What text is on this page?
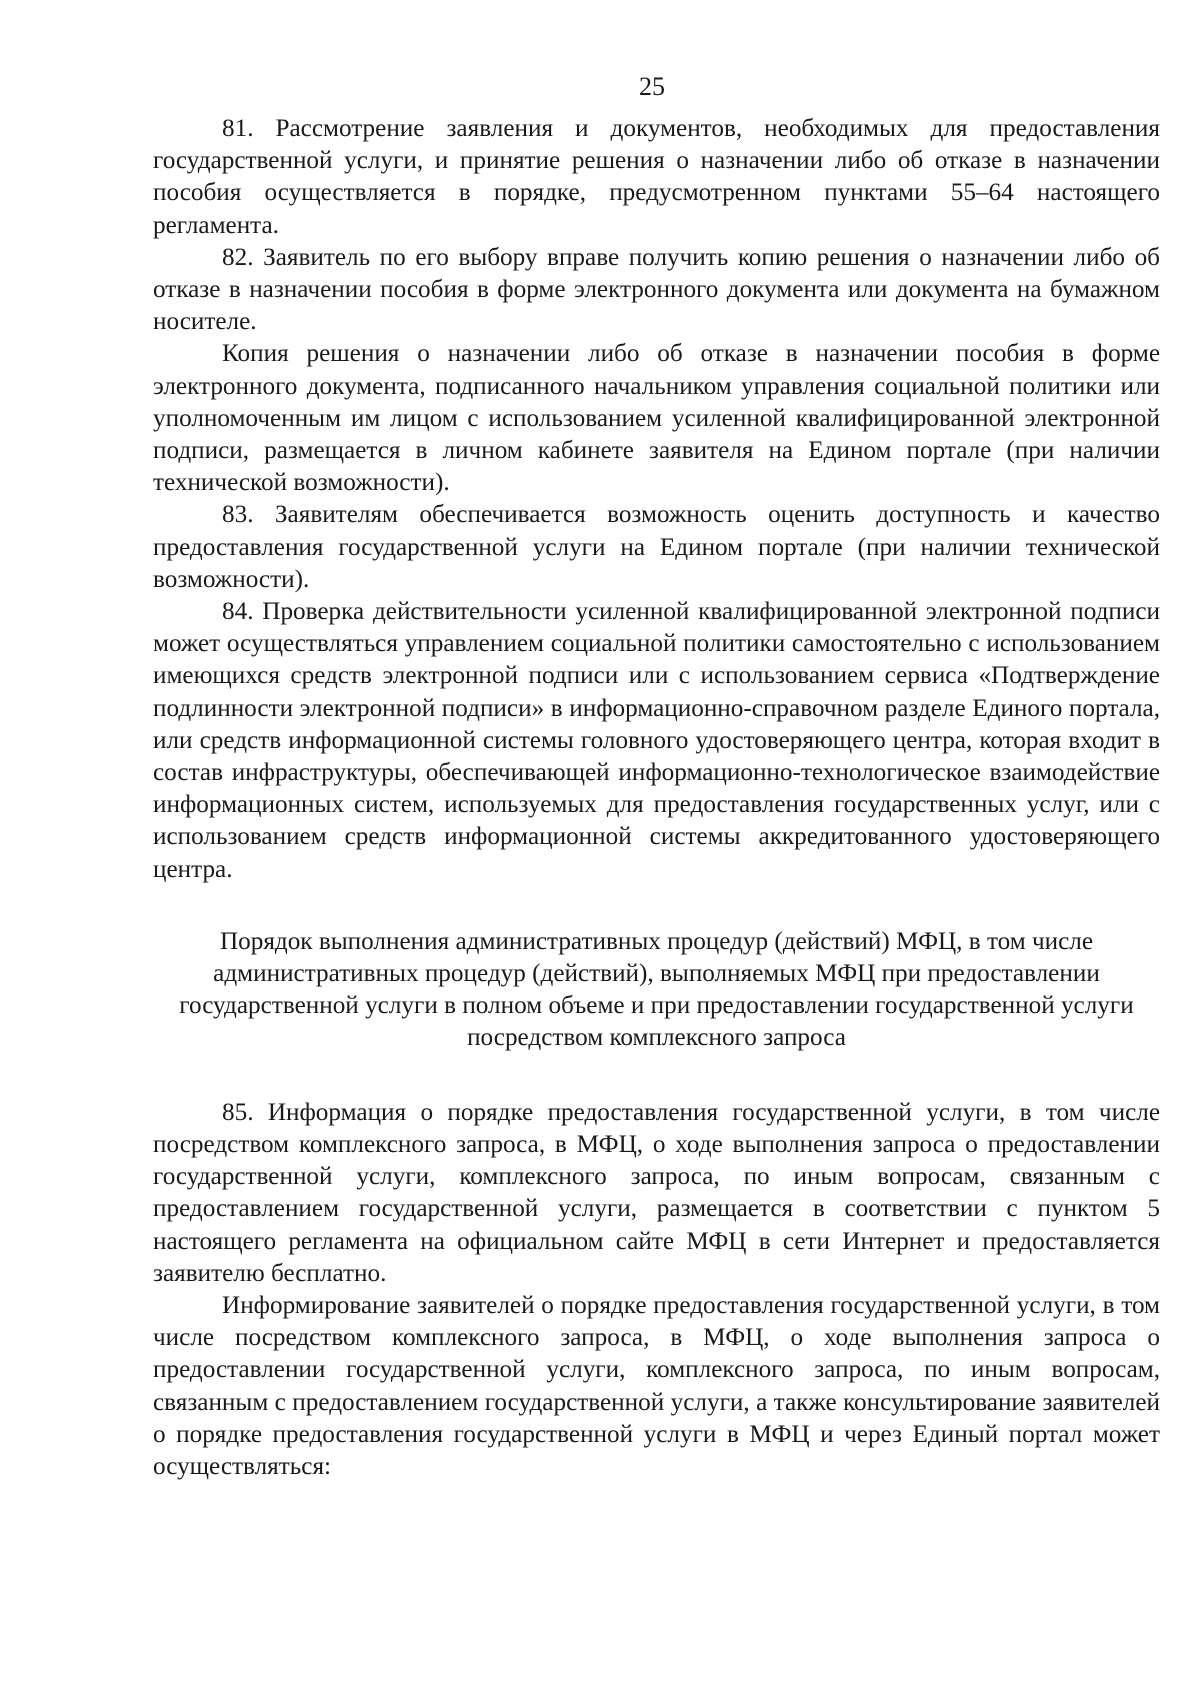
25

81. Рассмотрение заявления и документов, необходимых для предоставления государственной услуги, и принятие решения о назначении либо об отказе в назначении пособия осуществляется в порядке, предусмотренном пунктами 55–64 настоящего регламента.

82. Заявитель по его выбору вправе получить копию решения о назначении либо об отказе в назначении пособия в форме электронного документа или документа на бумажном носителе.

Копия решения о назначении либо об отказе в назначении пособия в форме электронного документа, подписанного начальником управления социальной политики или уполномоченным им лицом с использованием усиленной квалифицированной электронной подписи, размещается в личном кабинете заявителя на Едином портале (при наличии технической возможности).

83. Заявителям обеспечивается возможность оценить доступность и качество предоставления государственной услуги на Едином портале (при наличии технической возможности).

84. Проверка действительности усиленной квалифицированной электронной подписи может осуществляться управлением социальной политики самостоятельно с использованием имеющихся средств электронной подписи или с использованием сервиса «Подтверждение подлинности электронной подписи» в информационно-справочном разделе Единого портала, или средств информационной системы головного удостоверяющего центра, которая входит в состав инфраструктуры, обеспечивающей информационно-технологическое взаимодействие информационных систем, используемых для предоставления государственных услуг, или с использованием средств информационной системы аккредитованного удостоверяющего центра.

Порядок выполнения административных процедур (действий) МФЦ, в том числе административных процедур (действий), выполняемых МФЦ при предоставлении государственной услуги в полном объеме и при предоставлении государственной услуги посредством комплексного запроса

85. Информация о порядке предоставления государственной услуги, в том числе посредством комплексного запроса, в МФЦ, о ходе выполнения запроса о предоставлении государственной услуги, комплексного запроса, по иным вопросам, связанным с предоставлением государственной услуги, размещается в соответствии с пунктом 5 настоящего регламента на официальном сайте МФЦ в сети Интернет и предоставляется заявителю бесплатно.

Информирование заявителей о порядке предоставления государственной услуги, в том числе посредством комплексного запроса, в МФЦ, о ходе выполнения запроса о предоставлении государственной услуги, комплексного запроса, по иным вопросам, связанным с предоставлением государственной услуги, а также консультирование заявителей о порядке предоставления государственной услуги в МФЦ и через Единый портал может осуществляться:
